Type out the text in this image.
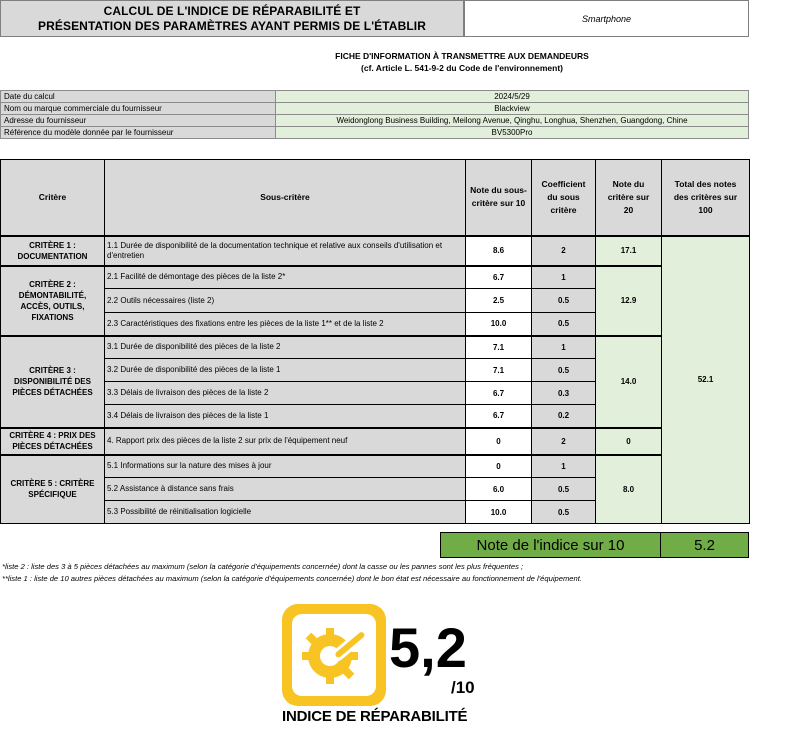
CALCUL DE L'INDICE DE RÉPARABILITÉ ET
PRÉSENTATION DES PARAMÈTRES AYANT PERMIS DE L'ÉTABLIR	Smartphone
FICHE D'INFORMATION À TRANSMETTRE AUX DEMANDEURS
(cf. Article L. 541-9-2 du Code de l'environnement)
Date du calcul	2024/5/29
Nom ou marque commerciale du fournisseur	Blackview
Adresse du fournisseur	Weidonglong Business Building, Meilong Avenue, Qinghu, Longhua, Shenzhen, Guangdong, Chine
Référence du modèle donnée par le fournisseur	BV5300Pro
Critère	Sous-critère	Note du sous-critère sur 10	Coefficient du sous critère	Note du critère sur 20	Total des notes des critères sur 100
CRITÈRE 1 : DOCUMENTATION	1.1 Durée de disponibilité de la documentation technique et relative aux conseils d'utilisation et d'entretien	8.6	2	17.1	52.1
CRITÈRE 2 : DÉMONTABILITÉ, ACCÈS, OUTILS, FIXATIONS	2.1 Facilité de démontage des pièces de la liste 2*	6.7	1	12.9	
	2.2 Outils nécessaires (liste 2)	2.5	0.5		
	2.3 Caractéristiques des fixations entre les pièces de la liste 1** et de la liste 2	10.0	0.5		
CRITÈRE 3 : DISPONIBILITÉ DES PIÈCES DÉTACHÉES	3.1 Durée de disponibilité des pièces de la liste 2	7.1	1	14.0	
	3.2 Durée de disponibilité des pièces de la liste 1	7.1	0.5		
	3.3 Délais de livraison des pièces de la liste 2	6.7	0.3		
	3.4 Délais de livraison des pièces de la liste 1	6.7	0.2		
CRITÈRE 4 : PRIX DES PIÈCES DÉTACHÉES	4. Rapport prix des pièces de la liste 2 sur prix de l'équipement neuf	0	2	0	
CRITÈRE 5 : CRITÈRE SPÉCIFIQUE	5.1 Informations sur la nature des mises à jour	0	1	8.0	
	5.2 Assistance à distance sans frais	6.0	0.5		
	5.3 Possibilité de réinitialisation logicielle	10.0	0.5		
Note de l'indice sur 10	5.2
*liste 2 : liste des 3 à 5 pièces détachées au maximum (selon la catégorie d'équipements concernée) dont la casse ou les pannes sont les plus fréquentes ;
**liste 1 : liste de 10 autres pièces détachées au maximum (selon la catégorie d'équipements concernée) dont le bon état est nécessaire au fonctionnement de l'équipement.
5,2
/10
INDICE DE RÉPARABILITÉ
